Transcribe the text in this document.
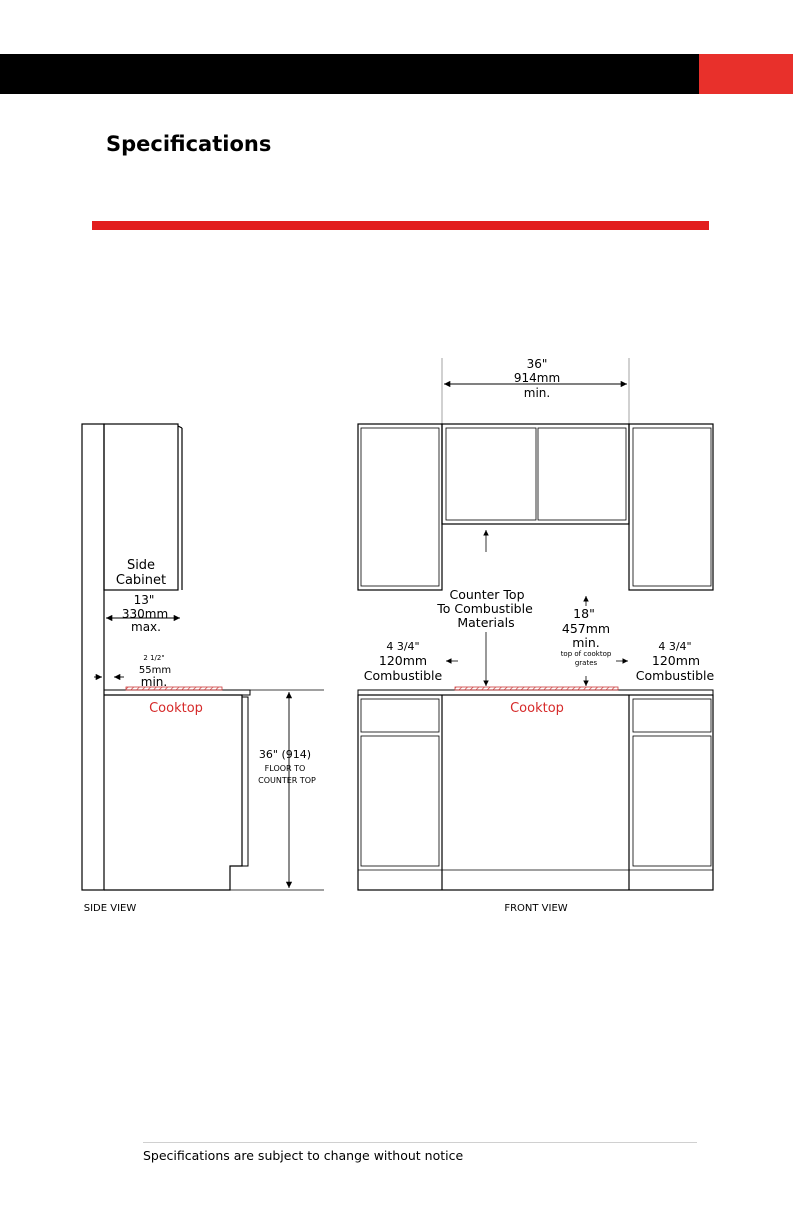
Specifications
Side
Cabinet
13"
330mm
max.
2 1/2"
55mm
min.
Cooktop
36" (914)
FLOOR TO
COUNTER TOP
SIDE VIEW
36"
914mm
min.
Counter Top
To Combustible
Materials
18"
457mm
min.
top of cooktop
grates
4 3/4"
120mm
Combustible
4 3/4"
120mm
Combustible
Cooktop
FRONT VIEW
Specifications are subject to change without notice
